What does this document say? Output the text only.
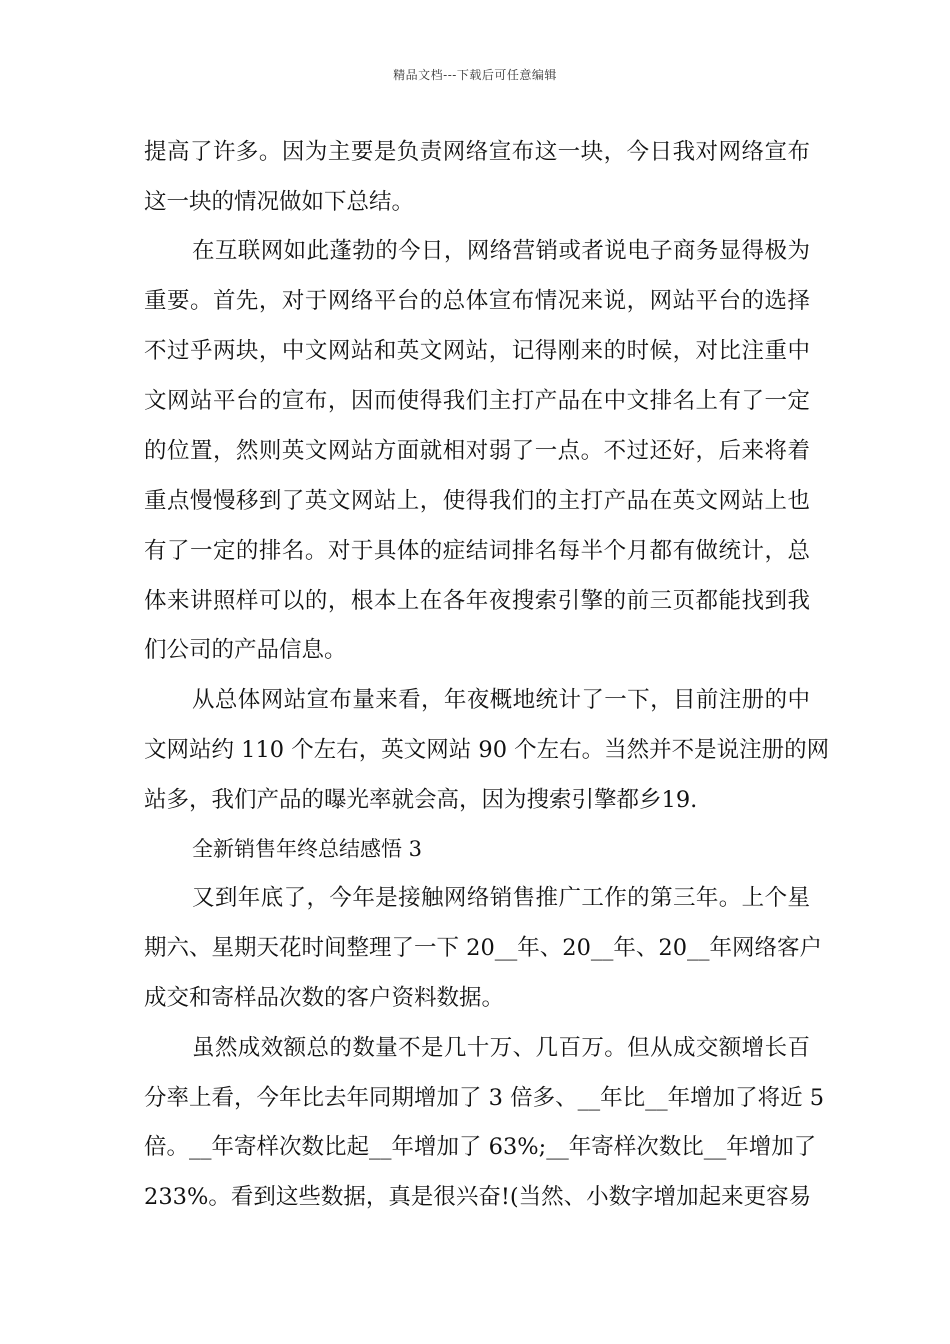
精品文档---下载后可任意编辑
提高了许多。因为主要是负责网络宣布这一块，今日我对网络宣布
这一块的情况做如下总结。
在互联网如此蓬勃的今日，网络营销或者说电子商务显得极为
重要。首先，对于网络平台的总体宣布情况来说，网站平台的选择
不过乎两块，中文网站和英文网站，记得刚来的时候，对比注重中
文网站平台的宣布，因而使得我们主打产品在中文排名上有了一定
的位置，然则英文网站方面就相对弱了一点。不过还好，后来将着
重点慢慢移到了英文网站上，使得我们的主打产品在英文网站上也
有了一定的排名。对于具体的症结词排名每半个月都有做统计，总
体来讲照样可以的，根本上在各年夜搜索引擎的前三页都能找到我
们公司的产品信息。
从总体网站宣布量来看，年夜概地统计了一下，目前注册的中
文网站约 110 个左右，英文网站 90 个左右。当然并不是说注册的网
站多，我们产品的曝光率就会高，因为搜索引擎都乡19.
全新销售年终总结感悟 3
又到年底了，今年是接触网络销售推广工作的第三年。上个星
期六、星期天花时间整理了一下 20__年、20__年、20__年网络客户
成交和寄样品次数的客户资料数据。
虽然成效额总的数量不是几十万、几百万。但从成交额增长百
分率上看，今年比去年同期增加了 3 倍多、__年比__年增加了将近 5
倍。__年寄样次数比起__年增加了 63%;__年寄样次数比__年增加了
233%。看到这些数据，真是很兴奋!(当然、小数字增加起来更容易
